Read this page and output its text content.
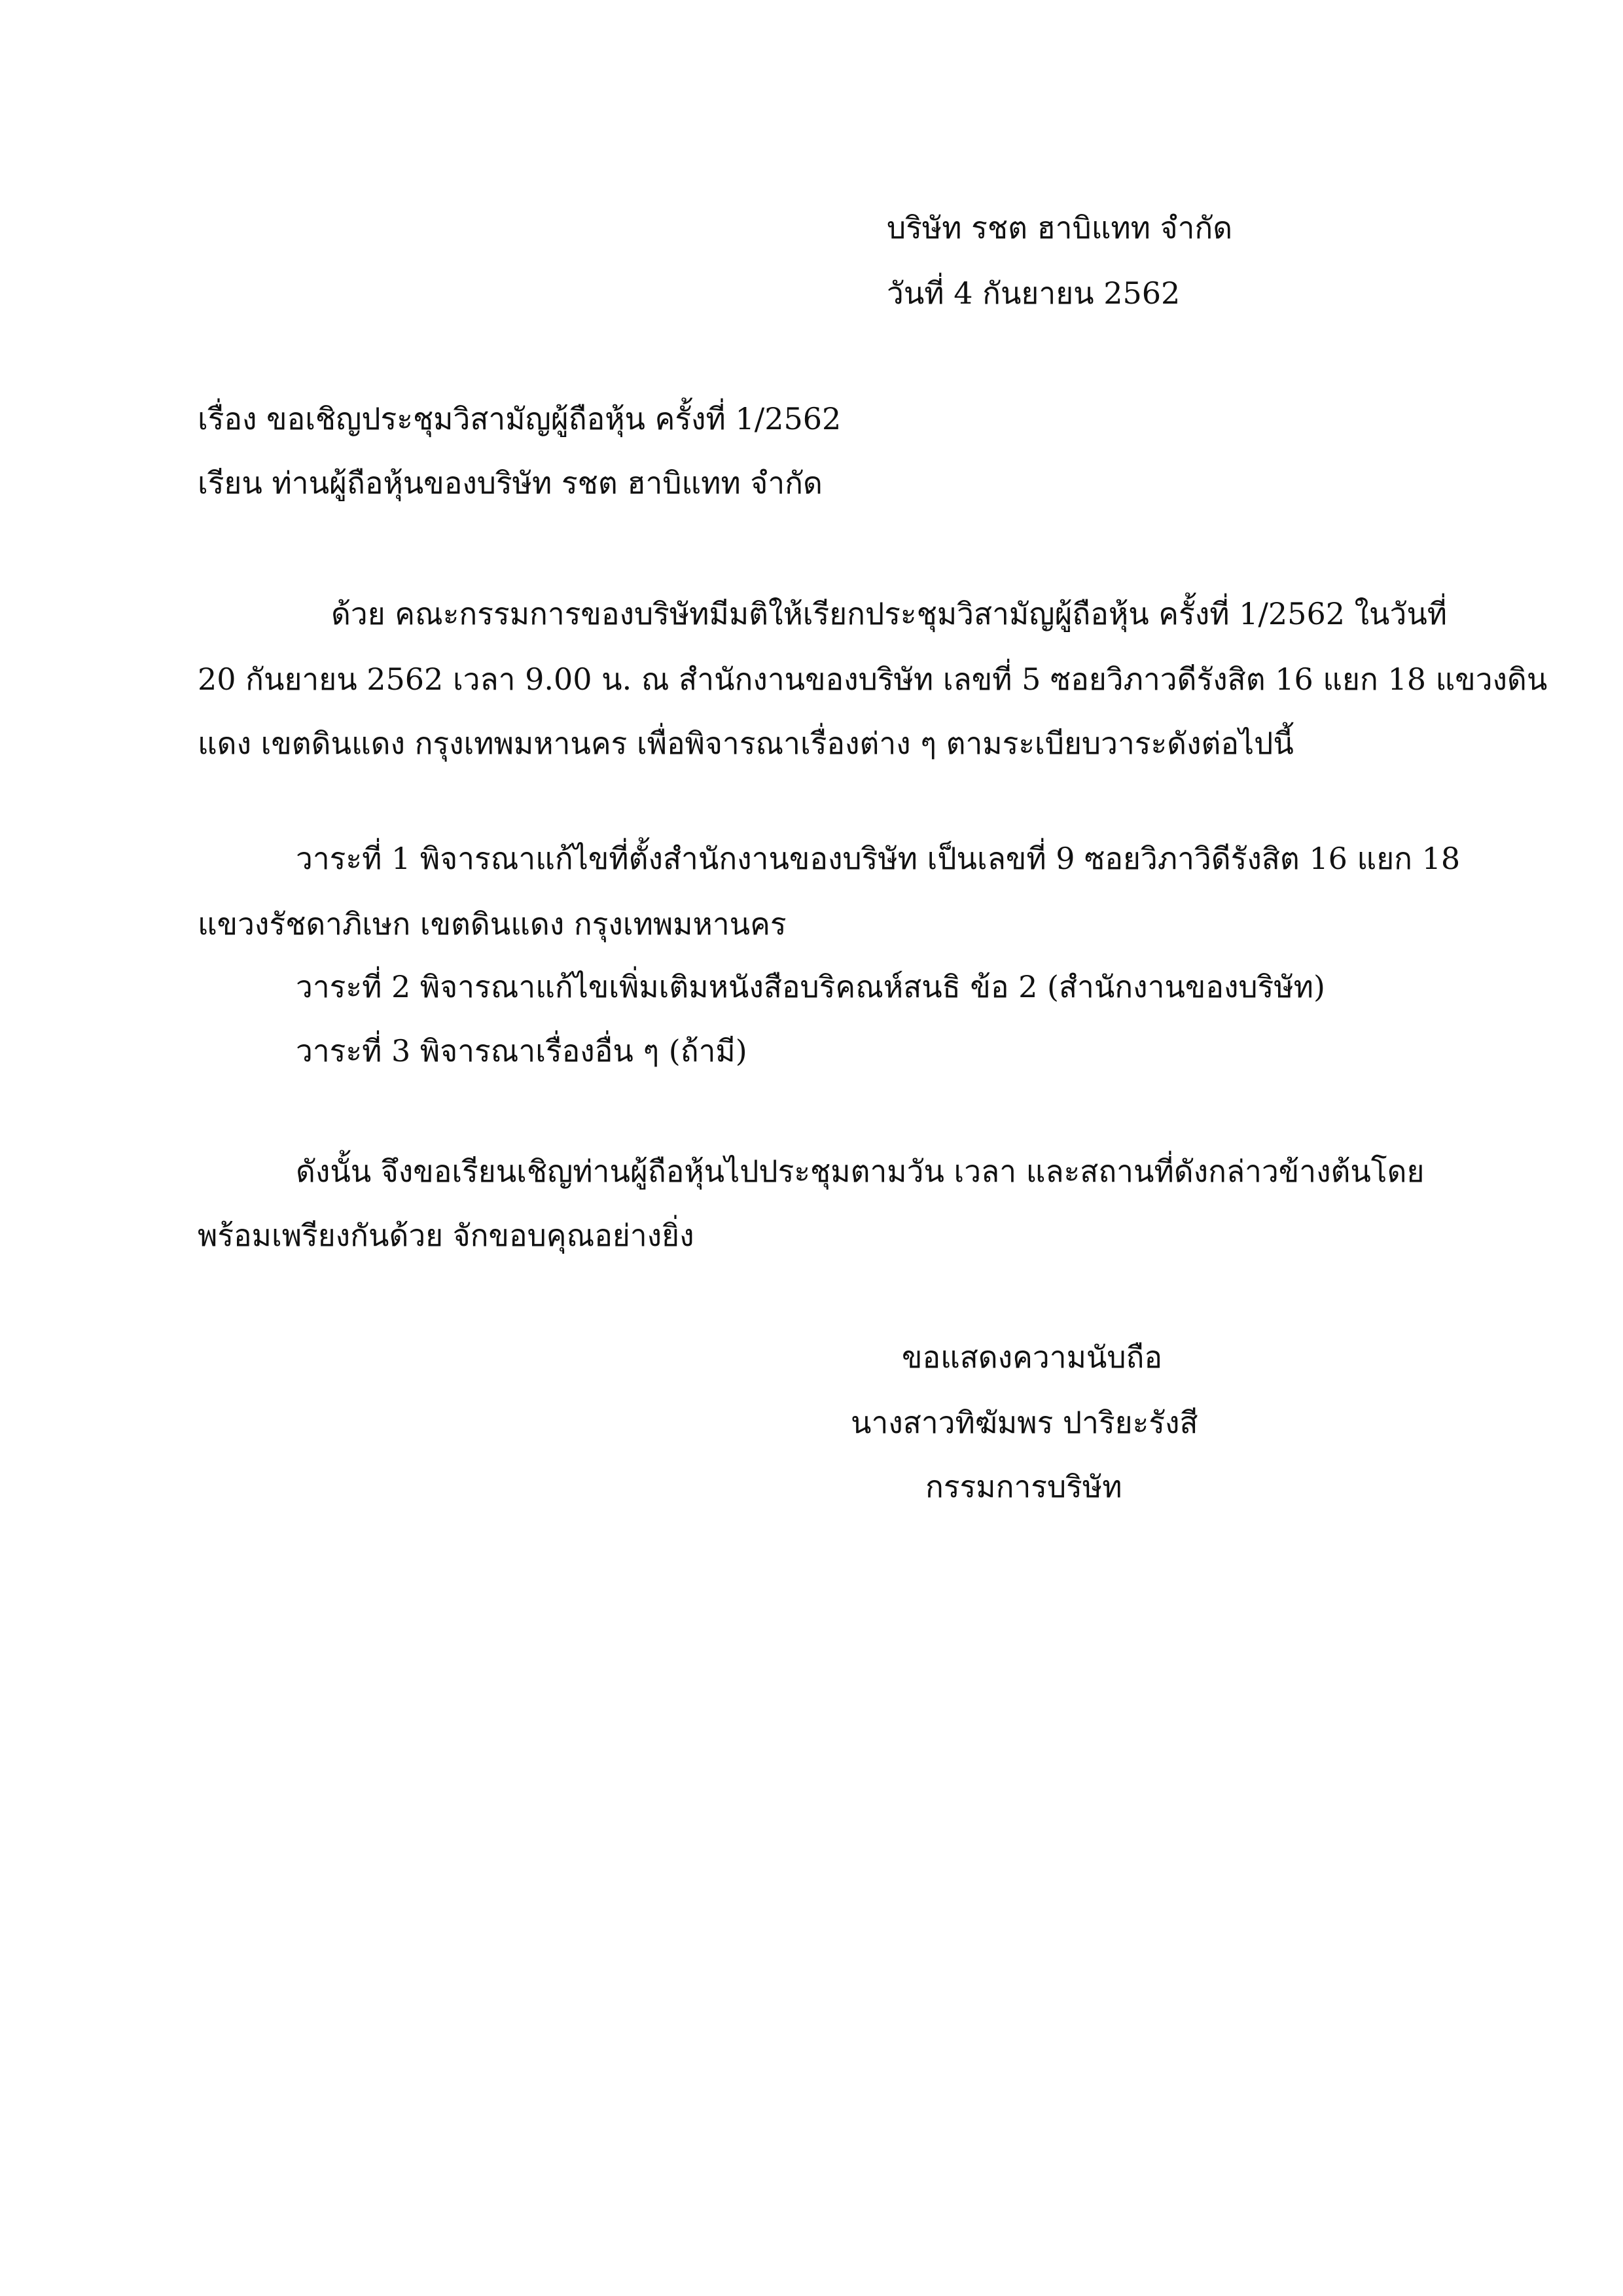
บริษัท รชต ฮาบิแทท จำกัด
วันที่ 4 กันยายน 2562
เรื่อง ขอเชิญประชุมวิสามัญผู้ถือหุ้น ครั้งที่ 1/2562
เรียน ท่านผู้ถือหุ้นของบริษัท รชต ฮาบิแทท จำกัด
ด้วย คณะกรรมการของบริษัทมีมติให้เรียกประชุมวิสามัญผู้ถือหุ้น ครั้งที่ 1/2562 ในวันที่
20 กันยายน 2562 เวลา 9.00 น. ณ สำนักงานของบริษัท เลขที่ 5 ซอยวิภาวดีรังสิต 16 แยก 18 แขวงดิน
แดง เขตดินแดง กรุงเทพมหานคร เพื่อพิจารณาเรื่องต่าง ๆ ตามระเบียบวาระดังต่อไปนี้
วาระที่ 1 พิจารณาแก้ไขที่ตั้งสำนักงานของบริษัท เป็นเลขที่ 9 ซอยวิภาวิดีรังสิต 16 แยก 18
แขวงรัชดาภิเษก เขตดินแดง กรุงเทพมหานคร
วาระที่ 2 พิจารณาแก้ไขเพิ่มเติมหนังสือบริคณห์สนธิ ข้อ 2 (สำนักงานของบริษัท)
วาระที่ 3 พิจารณาเรื่องอื่น ๆ (ถ้ามี)
ดังนั้น จึงขอเรียนเชิญท่านผู้ถือหุ้นไปประชุมตามวัน เวลา และสถานที่ดังกล่าวข้างต้นโดย
พร้อมเพรียงกันด้วย จักขอบคุณอย่างยิ่ง
ขอแสดงความนับถือ
นางสาวทิฆัมพร ปาริยะรังสี
กรรมการบริษัท
